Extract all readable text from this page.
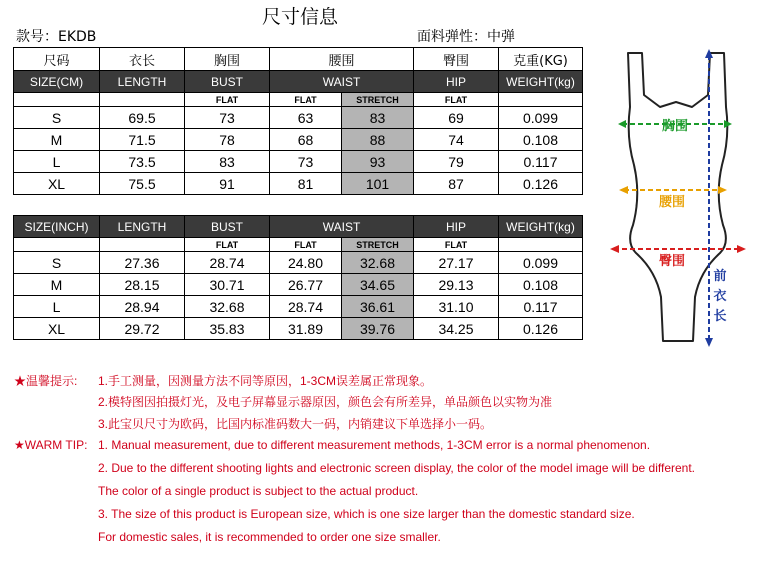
尺寸信息
款号：EKDB	面料弹性：中弹
尺码	衣长	胸围	腰围		臀围	克重(KG)
SIZE(CM)	LENGTH	BUST	WAIST		HIP	WEIGHT(kg)
		FLAT	FLAT	STRETCH	FLAT	
S	69.5	73	63	83	69	0.099
M	71.5	78	68	88	74	0.108
L	73.5	83	73	93	79	0.117
XL	75.5	91	81	101	87	0.126
SIZE(INCH)	LENGTH	BUST	WAIST		HIP	WEIGHT(kg)
		FLAT	FLAT	STRETCH	FLAT	
S	27.36	28.74	24.80	32.68	27.17	0.099
M	28.15	30.71	26.77	34.65	29.13	0.108
L	28.94	32.68	28.74	36.61	31.10	0.117
XL	29.72	35.83	31.89	39.76	34.25	0.126
胸围
腰围
臀围
前
衣
长
★温馨提示: 1.手工测量，因测量方法不同等原因，1-3CM误差属正常现象。
2.模特图因拍摄灯光，及电子屏幕显示器原因，颜色会有所差异，单品颜色以实物为准
3.此宝贝尺寸为欧码，比国内标准码数大一码，内销建议下单选择小一码。
★WARM TIP: 1. Manual measurement, due to different measurement methods, 1-3CM error is a normal phenomenon.
2. Due to the different shooting lights and electronic screen display, the color of the model image will be different.
The color of a single product is subject to the actual product.
3. The size of this product is European size, which is one size larger than the domestic standard size.
For domestic sales, it is recommended to order one size smaller.
